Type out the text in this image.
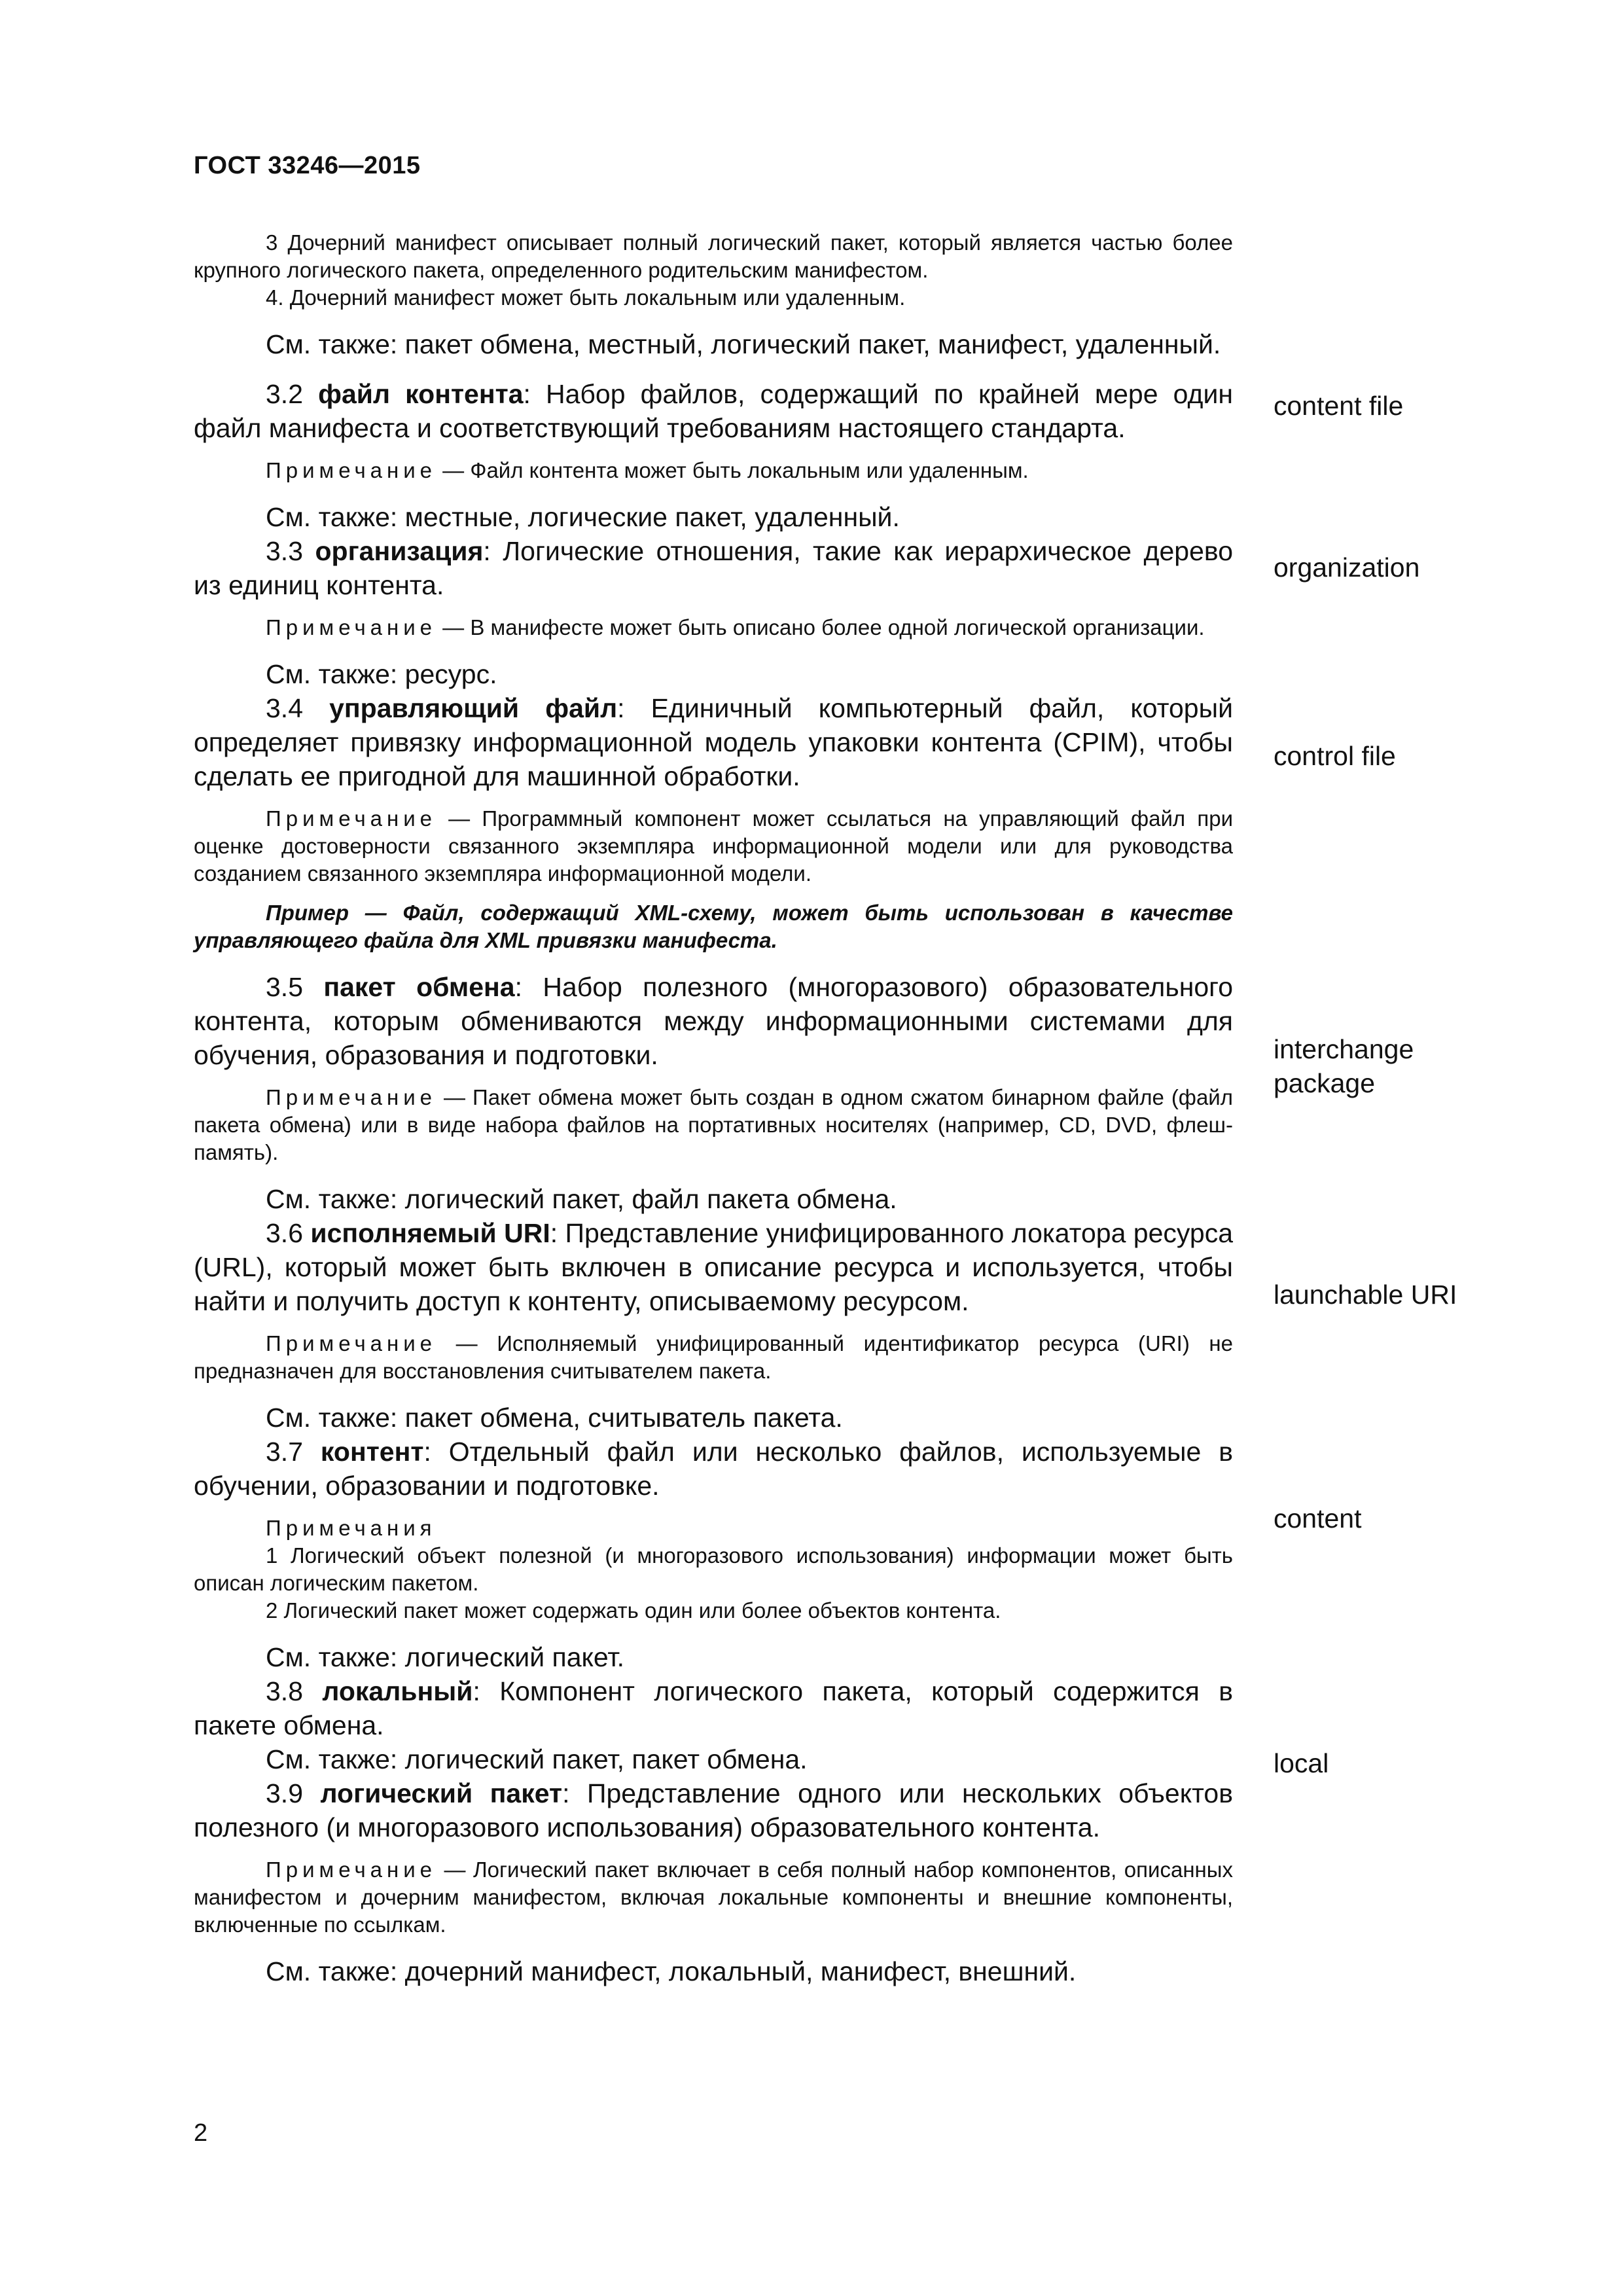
ГОСТ 33246—2015
content file
organization
control file
interchange package
launchable URI
content
local

3 Дочерний манифест описывает полный логический пакет, который является частью более крупного логического пакета, определенного родительским манифестом.

4. Дочерний манифест может быть локальным или удаленным.

См. также: пакет обмена, местный, логический пакет, манифест, удаленный.

3.2 файл контента: Набор файлов, содержащий по крайней мере один файл манифеста и соответствующий требованиям настоящего стандарта.

Примечание — Файл контента может быть локальным или удаленным.

См. также: местные, логические пакет, удаленный.

3.3 организация: Логические отношения, такие как иерархическое дерево из единиц контента.

Примечание — В манифесте может быть описано более одной логической организации.

См. также: ресурс.

3.4 управляющий файл: Единичный компьютерный файл, который определяет привязку информационной модель упаковки контента (CPIM), чтобы сделать ее пригодной для машинной обработки.

Примечание — Программный компонент может ссылаться на управляющий файл при оценке достоверности связанного экземпляра информационной модели или для руководства созданием связанного экземпляра информационной модели.

Пример — Файл, содержащий XML-схему, может быть использован в качестве управляющего файла для XML привязки манифеста.

3.5 пакет обмена: Набор полезного (многоразового) образовательного контента, которым обмениваются между информационными системами для обучения, образования и подготовки.

Примечание — Пакет обмена может быть создан в одном сжатом бинарном файле (файл пакета обмена) или в виде набора файлов на портативных носителях (например, CD, DVD, флеш-память).

См. также: логический пакет, файл пакета обмена.

3.6 исполняемый URI: Представление унифицированного локатора ресурса (URL), который может быть включен в описание ресурса и используется, чтобы найти и получить доступ к контенту, описываемому ресурсом.

Примечание — Исполняемый унифицированный идентификатор ресурса (URI) не предназначен для восстановления считывателем пакета.

См. также: пакет обмена, считыватель пакета.

3.7 контент: Отдельный файл или несколько файлов, используемые в обучении, образовании и подготовке.

Примечания

1 Логический объект полезной (и многоразового использования) информации может быть описан логическим пакетом.

2 Логический пакет может содержать один или более объектов контента.

См. также: логический пакет.

3.8 локальный: Компонент логического пакета, который содержится в пакете обмена.

См. также: логический пакет, пакет обмена.

3.9 логический пакет: Представление одного или нескольких объектов полезного (и многоразового использования) образовательного контента.

Примечание — Логический пакет включает в себя полный набор компонентов, описанных манифестом и дочерним манифестом, включая локальные компоненты и внешние компоненты, включенные по ссылкам.

См. также: дочерний манифест, локальный, манифест, внешний.

2
